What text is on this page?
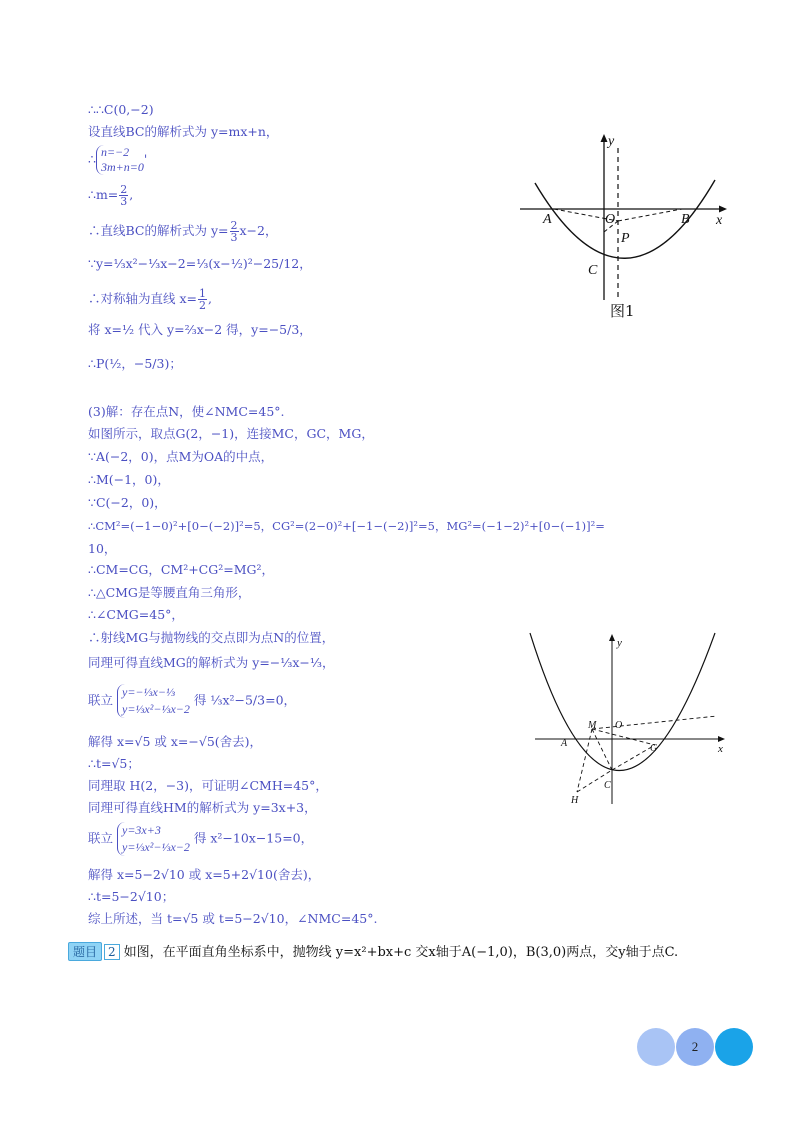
∴∴C(0,−2)
设直线BC的解析式为 y=mx+n，
∴ n=−2
3m+n=0
'
∴m= $\frac{2}{3}$ ,
∴直线BC的解析式为 $y= \frac{2}{3} x-2$，
∵y=⅓x²−⅓x−2=⅓(x−½)²−25/12，
∴对称轴为直线 $x= \frac{1}{2}$ ,
将 x=½ 代入 y=⅔x−2 得，y=−5/3，
∴P(½，−5/3)；
(3)解：存在点N，使∠NMC=45°.
如图所示，取点G(2，−1)，连接MC，GC，MG，
∵A(−2，0)，点M为OA的中点，
∴M(−1，0)，
∵C(−2，0)，
∴CM²=(−1−0)²+[0−(−2)]²=5，CG²=(2−0)²+[−1−(−2)]²=5，MG²=(−1−2)²+[0−(−1)]²=
10，
∴CM=CG，CM²+CG²=MG²，
∴△CMG是等腰直角三角形，
∴∠CMG=45°，
∴射线MG与抛物线的交点即为点N的位置，
同理可得直线MG的解析式为 y=−⅓x−⅓，
联立
y=−⅓x−⅓
y=⅓x²−⅓x−2
得 ⅓x²−5/3=0，
解得 x=√5 或 x=−√5(舍去)，
∴t=√5；
同理取 H(2，−3)，可证明∠CMH=45°，
同理可得直线HM的解析式为 y=3x+3，
联立
y=3x+3
y=⅓x²−⅓x−2
得 x²−10x−15=0，
解得 x=5−2√10 或 x=5+2√10(舍去)，
∴t=5−2√10；
综上所述，当 t=√5 或 t=5−2√10，∠NMC=45°.
y
x
A	O	B
P
C
图1
y
x
A
M O
G
C
H
题目 2 如图，在平面直角坐标系中，抛物线 y=x²+bx+c 交x轴于A(−1,0)，B(3,0)两点，交y轴于点C.
2
